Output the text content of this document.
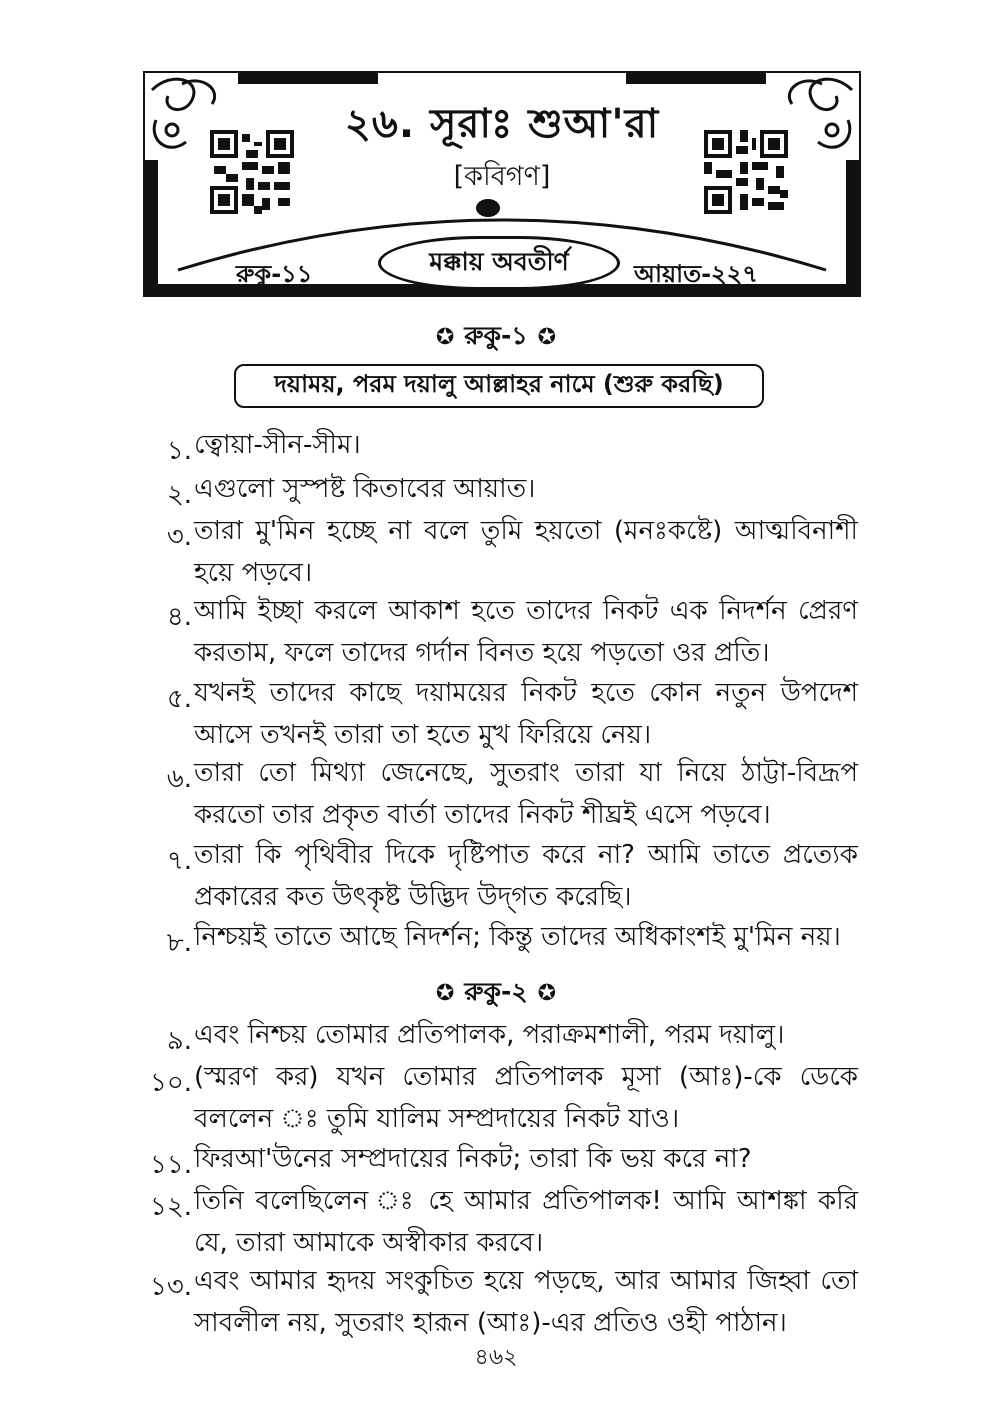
২৬. সূরাঃ শুআ'রা
[কবিগণ]
মক্কায় অবতীর্ণ
রুকু-১১	আয়াত-২২৭
✪ রুকু-১ ✪
দয়াময়, পরম দয়ালু আল্লাহর নামে (শুরু করছি)
১. ত্বোয়া-সীন-সীম।
২. এগুলো সুস্পষ্ট কিতাবের আয়াত।
৩. তারা মু'মিন হচ্ছে না বলে তুমি হয়তো (মনঃকষ্টে) আত্মবিনাশী হয়ে পড়বে।
৪. আমি ইচ্ছা করলে আকাশ হতে তাদের নিকট এক নিদর্শন প্রেরণ করতাম, ফলে তাদের গর্দান বিনত হয়ে পড়তো ওর প্রতি।
৫. যখনই তাদের কাছে দয়াময়ের নিকট হতে কোন নতুন উপদেশ আসে তখনই তারা তা হতে মুখ ফিরিয়ে নেয়।
৬. তারা তো মিথ্যা জেনেছে, সুতরাং তারা যা নিয়ে ঠাট্টা-বিদ্রূপ করতো তার প্রকৃত বার্তা তাদের নিকট শীঘ্রই এসে পড়বে।
৭. তারা কি পৃথিবীর দিকে দৃষ্টিপাত করে না? আমি তাতে প্রত্যেক প্রকারের কত উৎকৃষ্ট উদ্ভিদ উদ্‌গত করেছি।
৮. নিশ্চয়ই তাতে আছে নিদর্শন; কিন্তু তাদের অধিকাংশই মু'মিন নয়।
✪ রুকু-২ ✪
৯. এবং নিশ্চয় তোমার প্রতিপালক, পরাক্রমশালী, পরম দয়ালু।
১০. (স্মরণ কর) যখন তোমার প্রতিপালক মূসা (আঃ)-কে ডেকে বললেন ঃ তুমি যালিম সম্প্রদায়ের নিকট যাও।
১১. ফিরআ'উনের সম্প্রদায়ের নিকট; তারা কি ভয় করে না?
১২. তিনি বলেছিলেন ঃ হে আমার প্রতিপালক! আমি আশঙ্কা করি যে, তারা আমাকে অস্বীকার করবে।
১৩. এবং আমার হৃদয় সংকুচিত হয়ে পড়ছে, আর আমার জিহ্বা তো সাবলীল নয়, সুতরাং হারূন (আঃ)-এর প্রতিও ওহী পাঠান।
৪৬২
